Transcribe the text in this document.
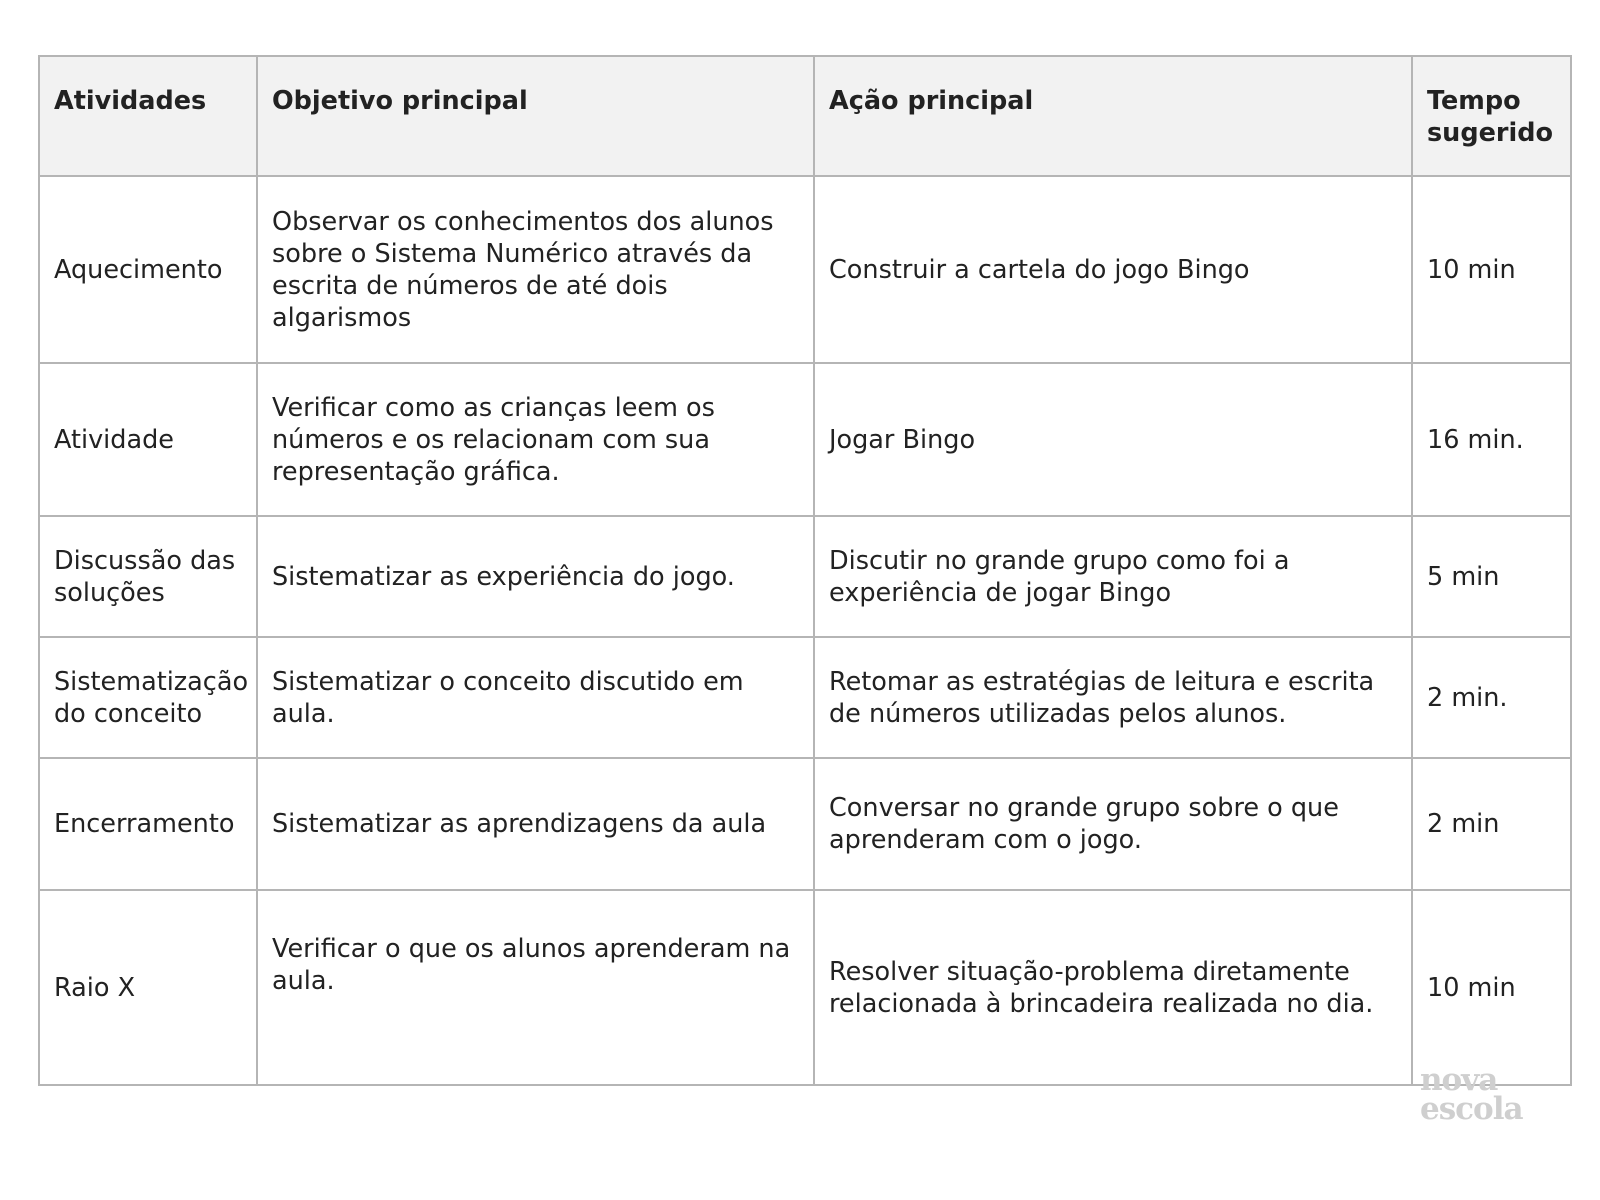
Atividades	Objetivo principal	Ação principal	Tempo sugerido
Aquecimento	Observar os conhecimentos dos alunos sobre o Sistema Numérico através da escrita de números de até dois algarismos	Construir a cartela do jogo Bingo	10 min
Atividade	Verificar como as crianças leem os números e os relacionam com sua representação gráfica.	Jogar Bingo	16 min.
Discussão das soluções	Sistematizar as experiência do jogo.	Discutir no grande grupo como foi a experiência de jogar Bingo	5 min
Sistematização do conceito	Sistematizar o conceito discutido em aula.	Retomar as estratégias de leitura e escrita de números utilizadas pelos alunos.	2 min.
Encerramento	Sistematizar as aprendizagens da aula	Conversar no grande grupo sobre o que aprenderam com o jogo.	2 min
Raio X	Verificar o que os alunos aprenderam na aula.	Resolver situação-problema diretamente relacionada à brincadeira realizada no dia.	10 min
nova
escola
